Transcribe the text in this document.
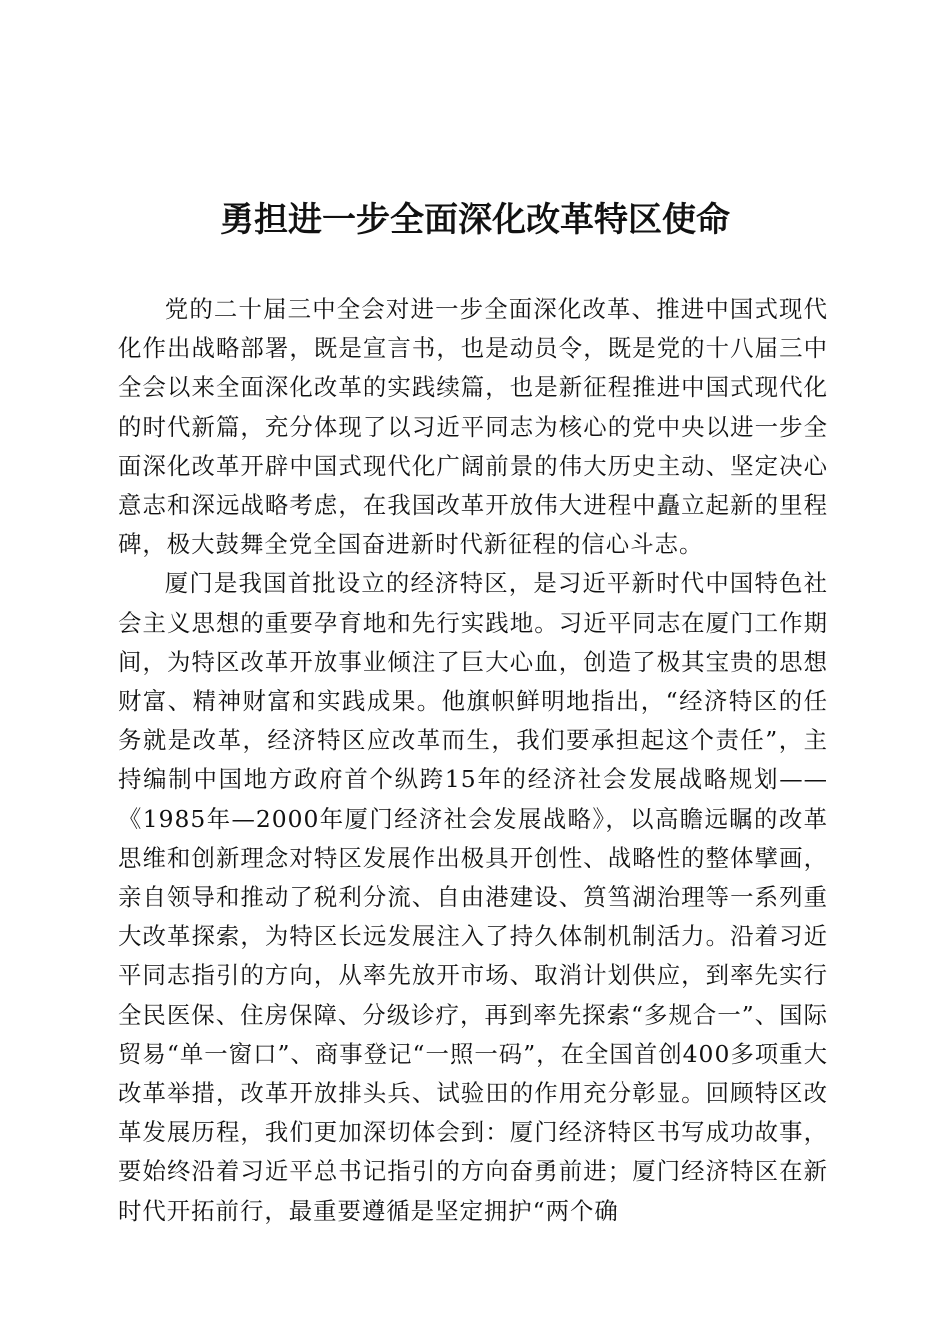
勇担进一步全面深化改革特区使命

党的二十届三中全会对进一步全面深化改革、推进中国式现代化作出战略部署，既是宣言书，也是动员令，既是党的十八届三中全会以来全面深化改革的实践续篇，也是新征程推进中国式现代化的时代新篇，充分体现了以习近平同志为核心的党中央以进一步全面深化改革开辟中国式现代化广阔前景的伟大历史主动、坚定决心意志和深远战略考虑，在我国改革开放伟大进程中矗立起新的里程碑，极大鼓舞全党全国奋进新时代新征程的信心斗志。

厦门是我国首批设立的经济特区，是习近平新时代中国特色社会主义思想的重要孕育地和先行实践地。习近平同志在厦门工作期间，为特区改革开放事业倾注了巨大心血，创造了极其宝贵的思想财富、精神财富和实践成果。他旗帜鲜明地指出，“经济特区的任务就是改革，经济特区应改革而生，我们要承担起这个责任”，主持编制中国地方政府首个纵跨15年的经济社会发展战略规划——《1985年—2000年厦门经济社会发展战略》，以高瞻远瞩的改革思维和创新理念对特区发展作出极具开创性、战略性的整体擘画，亲自领导和推动了税利分流、自由港建设、筼筜湖治理等一系列重大改革探索，为特区长远发展注入了持久体制机制活力。沿着习近平同志指引的方向，从率先放开市场、取消计划供应，到率先实行全民医保、住房保障、分级诊疗，再到率先探索“多规合一”、国际贸易“单一窗口”、商事登记“一照一码”，在全国首创400多项重大改革举措，改革开放排头兵、试验田的作用充分彰显。回顾特区改革发展历程，我们更加深切体会到：厦门经济特区书写成功故事，要始终沿着习近平总书记指引的方向奋勇前进；厦门经济特区在新时代开拓前行，最重要遵循是坚定拥护“两个确
